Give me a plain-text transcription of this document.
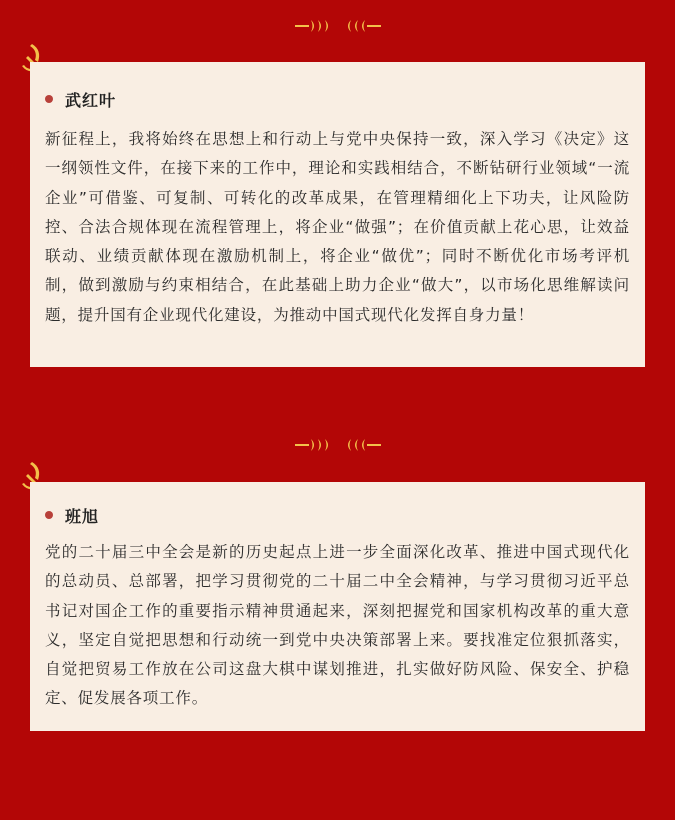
武红叶

新征程上，我将始终在思想上和行动上与党中央保持一致，深入学习《决定》这一纲领性文件，在接下来的工作中，理论和实践相结合，不断钻研行业领域“一流企业”可借鉴、可复制、可转化的改革成果，在管理精细化上下功夫，让风险防控、合法合规体现在流程管理上，将企业“做强”；在价值贡献上花心思，让效益联动、业绩贡献体现在激励机制上，将企业“做优”；同时不断优化市场考评机制，做到激励与约束相结合，在此基础上助力企业“做大”，以市场化思维解读问题，提升国有企业现代化建设，为推动中国式现代化发挥自身力量！

班旭

党的二十届三中全会是新的历史起点上进一步全面深化改革、推进中国式现代化的总动员、总部署，把学习贯彻党的二十届二中全会精神，与学习贯彻习近平总书记对国企工作的重要指示精神贯通起来，深刻把握党和国家机构改革的重大意义，坚定自觉把思想和行动统一到党中央决策部署上来。要找准定位狠抓落实，自觉把贸易工作放在公司这盘大棋中谋划推进，扎实做好防风险、保安全、护稳定、促发展各项工作。
